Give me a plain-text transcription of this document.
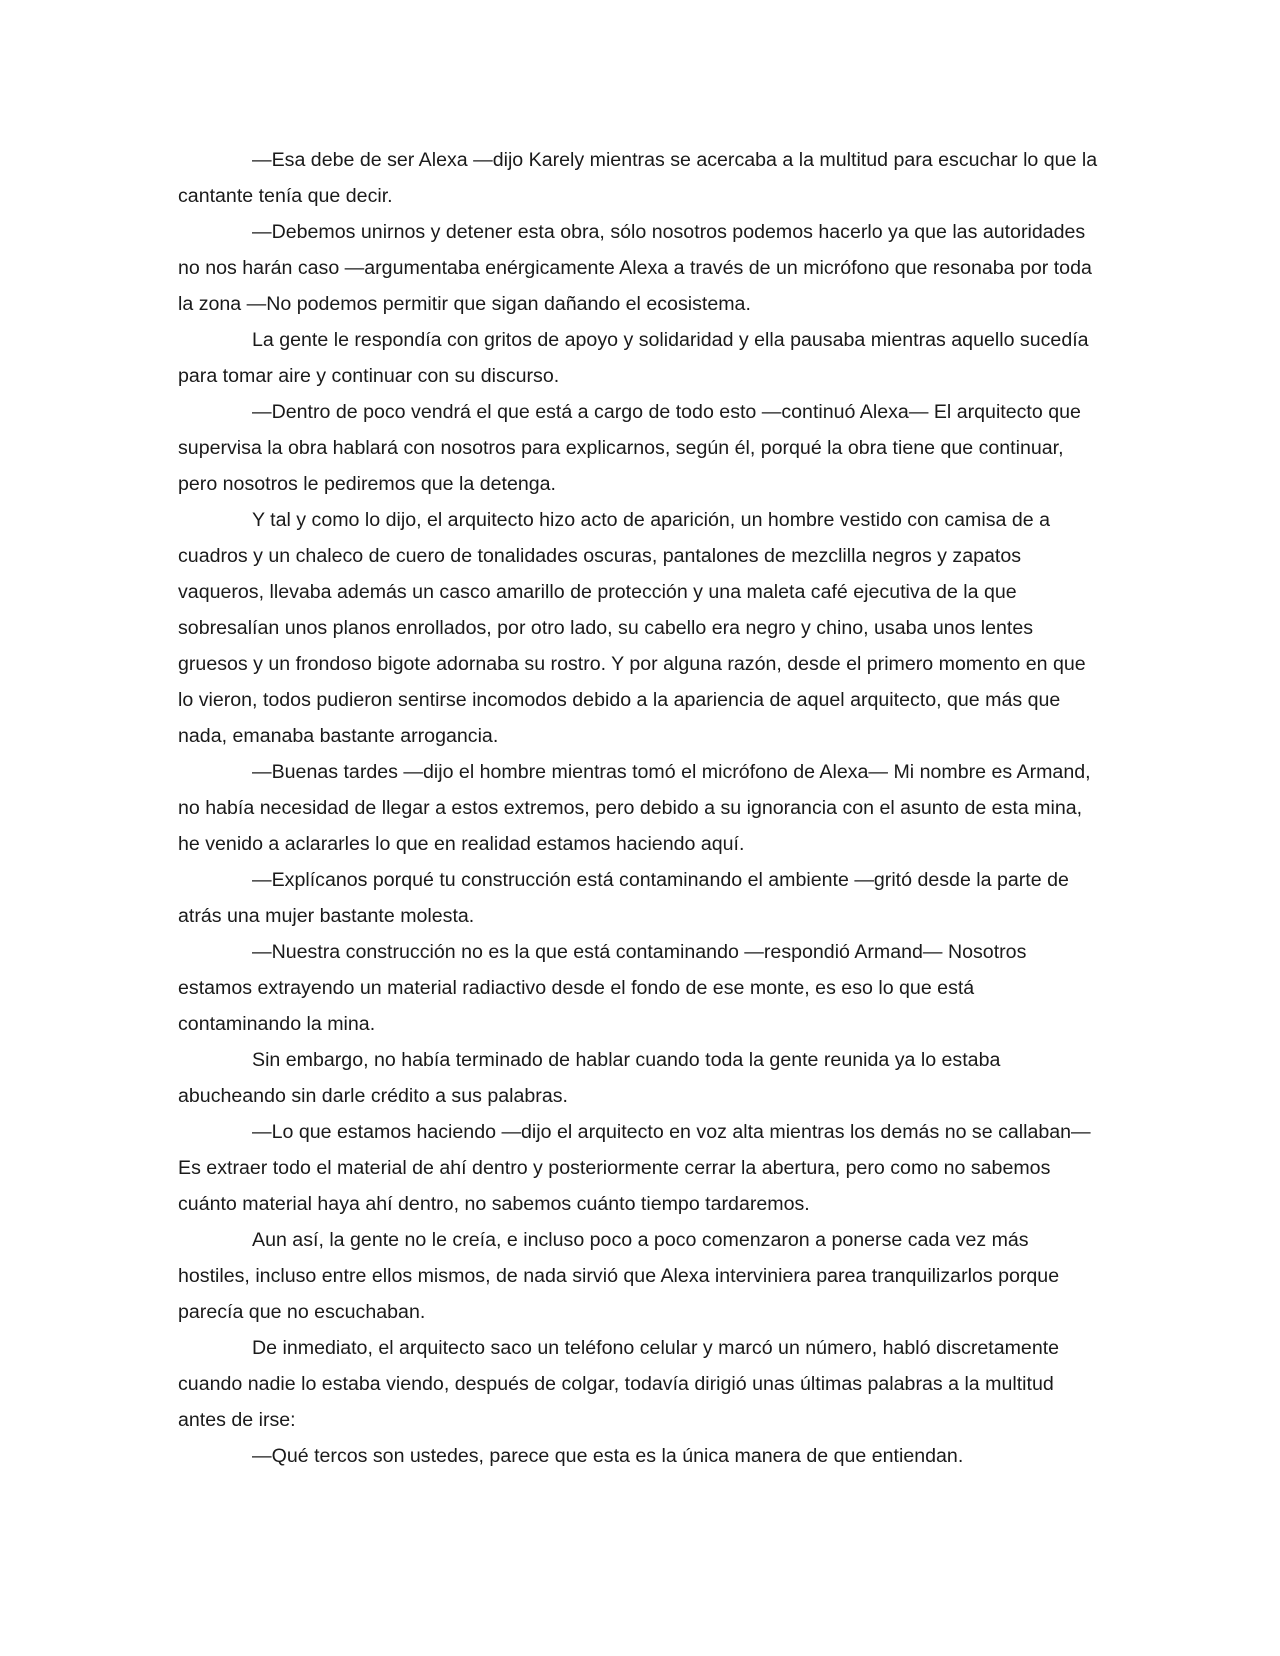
—Esa debe de ser Alexa —dijo Karely mientras se acercaba a la multitud para escuchar lo que la cantante tenía que decir.

—Debemos unirnos y detener esta obra, sólo nosotros podemos hacerlo ya que las autoridades no nos harán caso —argumentaba enérgicamente Alexa a través de un micrófono que resonaba por toda la zona —No podemos permitir que sigan dañando el ecosistema.

La gente le respondía con gritos de apoyo y solidaridad y ella pausaba mientras aquello sucedía para tomar aire y continuar con su discurso.

—Dentro de poco vendrá el que está a cargo de todo esto —continuó Alexa— El arquitecto que supervisa la obra hablará con nosotros para explicarnos, según él, porqué la obra tiene que continuar, pero nosotros le pediremos que la detenga.

Y tal y como lo dijo, el arquitecto hizo acto de aparición, un hombre vestido con camisa de a cuadros y un chaleco de cuero de tonalidades oscuras, pantalones de mezclilla negros y zapatos vaqueros, llevaba además un casco amarillo de protección y una maleta café ejecutiva de la que sobresalían unos planos enrollados, por otro lado, su cabello era negro y chino, usaba unos lentes gruesos y un frondoso bigote adornaba su rostro. Y por alguna razón, desde el primero momento en que lo vieron, todos pudieron sentirse incomodos debido a la apariencia de aquel arquitecto, que más que nada, emanaba bastante arrogancia.

—Buenas tardes —dijo el hombre mientras tomó el micrófono de Alexa— Mi nombre es Armand, no había necesidad de llegar a estos extremos, pero debido a su ignorancia con el asunto de esta mina, he venido a aclararles lo que en realidad estamos haciendo aquí.

—Explícanos porqué tu construcción está contaminando el ambiente —gritó desde la parte de atrás una mujer bastante molesta.

—Nuestra construcción no es la que está contaminando —respondió Armand— Nosotros estamos extrayendo un material radiactivo desde el fondo de ese monte, es eso lo que está contaminando la mina.

Sin embargo, no había terminado de hablar cuando toda la gente reunida ya lo estaba abucheando sin darle crédito a sus palabras.

—Lo que estamos haciendo —dijo el arquitecto en voz alta mientras los demás no se callaban— Es extraer todo el material de ahí dentro y posteriormente cerrar la abertura, pero como no sabemos cuánto material haya ahí dentro, no sabemos cuánto tiempo tardaremos.

Aun así, la gente no le creía, e incluso poco a poco comenzaron a ponerse cada vez más hostiles, incluso entre ellos mismos, de nada sirvió que Alexa interviniera parea tranquilizarlos porque parecía que no escuchaban.

De inmediato, el arquitecto saco un teléfono celular y marcó un número, habló discretamente cuando nadie lo estaba viendo, después de colgar, todavía dirigió unas últimas palabras a la multitud antes de irse:

—Qué tercos son ustedes, parece que esta es la única manera de que entiendan.
